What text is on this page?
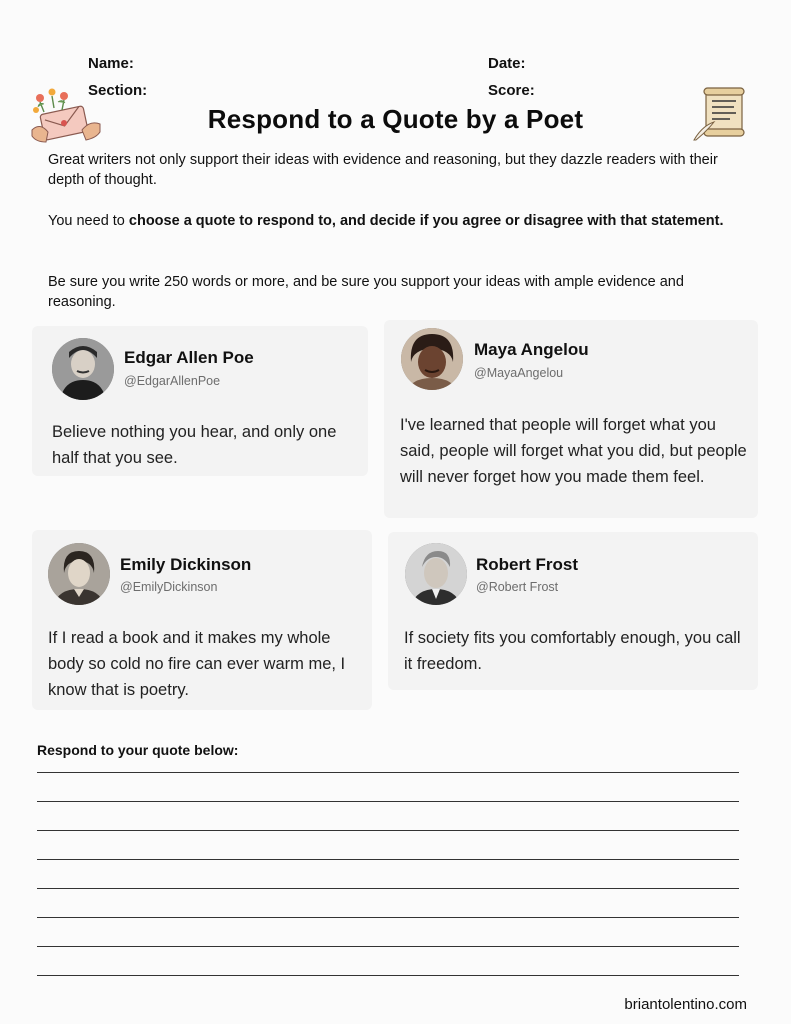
Name:	Date:
Section:	Score:
Respond to a Quote by a Poet

Great writers not only support their ideas with evidence and reasoning, but they dazzle readers with their depth of thought.

You need to choose a quote to respond to, and decide if you agree or disagree with that statement.

Be sure you write 250 words or more, and be sure you support your ideas with ample evidence and reasoning.

Edgar Allen Poe
@EdgarAllenPoe
Believe nothing you hear, and only one half that you see.
Maya Angelou
@MayaAngelou
I've learned that people will forget what you said, people will forget what you did, but people will never forget how you made them feel.
Emily Dickinson
@EmilyDickinson
If I read a book and it makes my whole body so cold no fire can ever warm me, I know that is poetry.
Robert Frost
@Robert Frost
If society fits you comfortably enough, you call it freedom.
Respond to your quote below:
briantolentino.com
